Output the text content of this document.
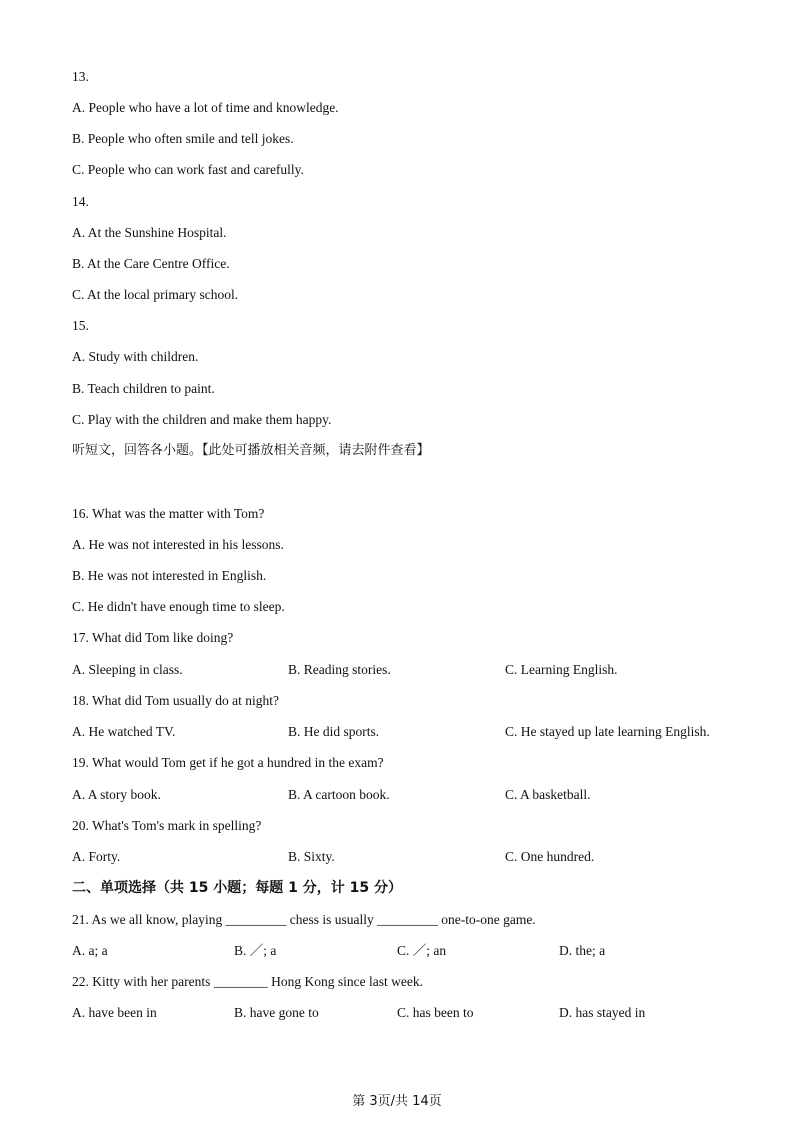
13.
A. People who have a lot of time and knowledge.
B. People who often smile and tell jokes.
C. People who can work fast and carefully.
14.
A. At the Sunshine Hospital.
B. At the Care Centre Office.
C. At the local primary school.
15.
A. Study with children.
B. Teach children to paint.
C. Play with the children and make them happy.
听短文，回答各小题。【此处可播放相关音频，请去附件查看】
16. What was the matter with Tom?
A. He was not interested in his lessons.
B. He was not interested in English.
C. He didn't have enough time to sleep.
17. What did Tom like doing?
A. Sleeping in class.	B. Reading stories.	C. Learning English.
18. What did Tom usually do at night?
A. He watched TV.	B. He did sports.	C. He stayed up late learning English.
19. What would Tom get if he got a hundred in the exam?
A. A story book.	B. A cartoon book.	C. A basketball.
20. What's Tom's mark in spelling?
A. Forty.	B. Sixty.	C. One hundred.
二、单项选择（共 15 小题；每题 1 分，计 15 分）
21. As we all know, playing _________ chess is usually _________ one-to-one game.
A. a; a	B. ／; a	C. ／; an	D. the; a
22. Kitty with her parents ________ Hong Kong since last week.
A. have been in	B. have gone to	C. has been to	D. has stayed in
第 3页/共 14页
